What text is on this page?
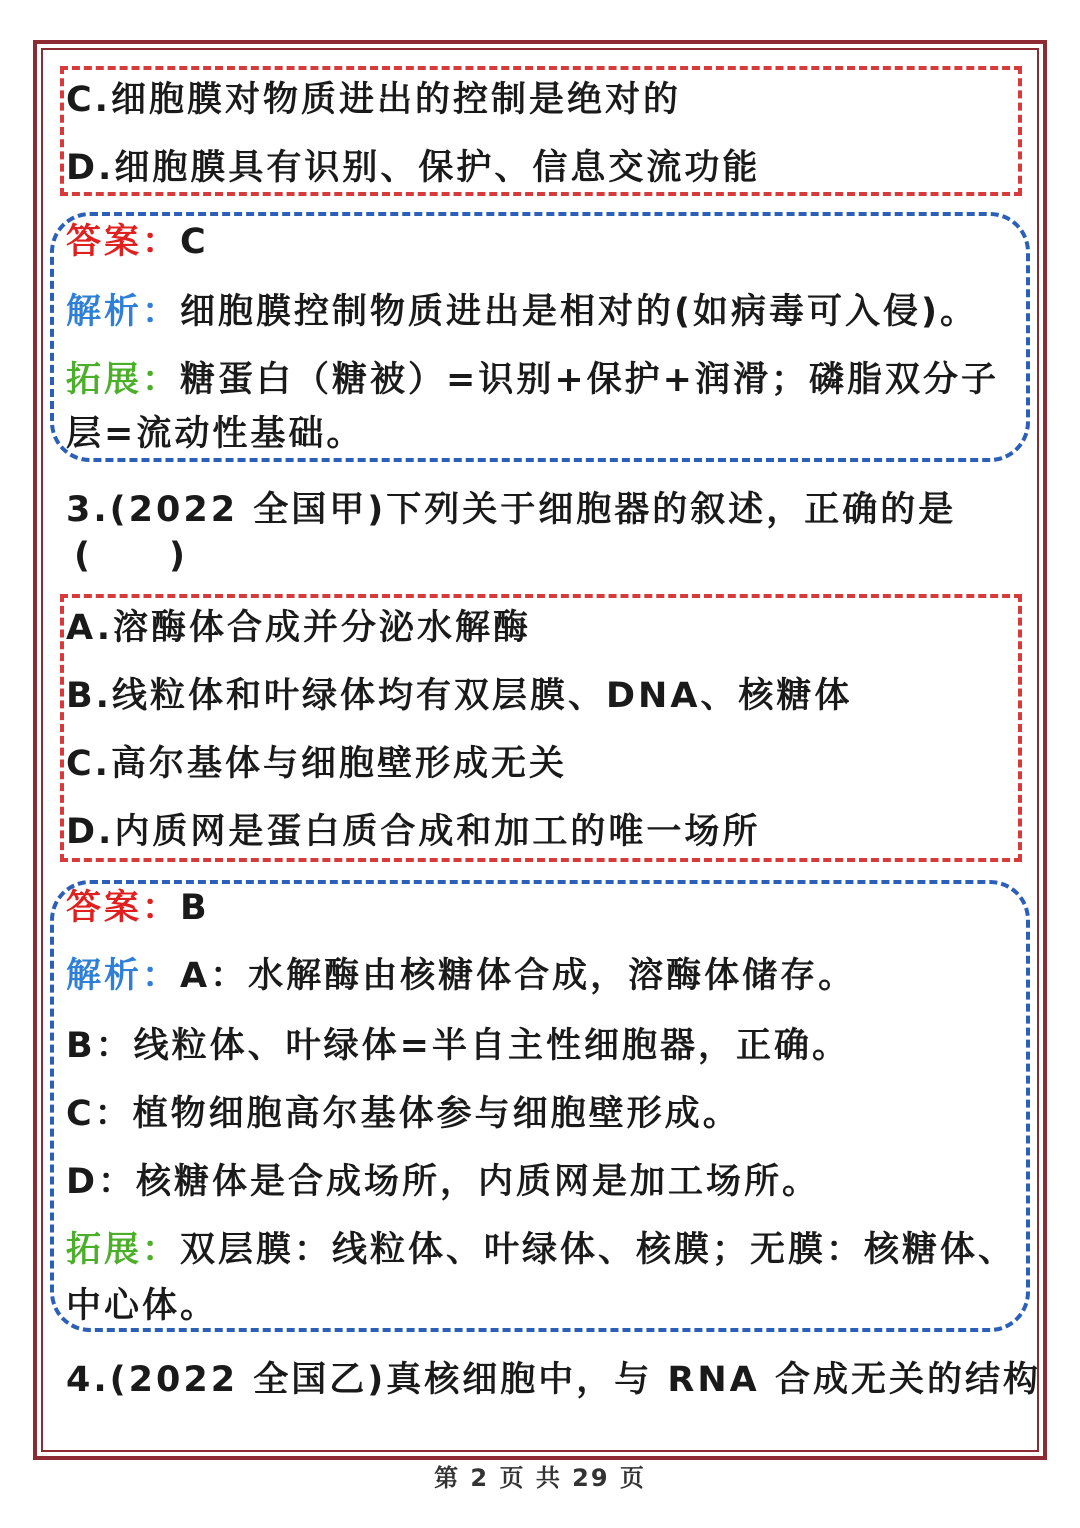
C.细胞膜对物质进出的控制是绝对的
D.细胞膜具有识别、保护、信息交流功能
答案：C
解析：细胞膜控制物质进出是相对的(如病毒可入侵)。
拓展：糖蛋白（糖被）=识别+保护+润滑；磷脂双分子
层=流动性基础。
3.(2022 全国甲)下列关于细胞器的叙述，正确的是
(　　)
A.溶酶体合成并分泌水解酶
B.线粒体和叶绿体均有双层膜、DNA、核糖体
C.高尔基体与细胞壁形成无关
D.内质网是蛋白质合成和加工的唯一场所
答案：B
解析：A：水解酶由核糖体合成，溶酶体储存。
B：线粒体、叶绿体=半自主性细胞器，正确。
C：植物细胞高尔基体参与细胞壁形成。
D：核糖体是合成场所，内质网是加工场所。
拓展：双层膜：线粒体、叶绿体、核膜；无膜：核糖体、
中心体。
4.(2022 全国乙)真核细胞中，与 RNA 合成无关的结构
第 2 页 共 29 页
